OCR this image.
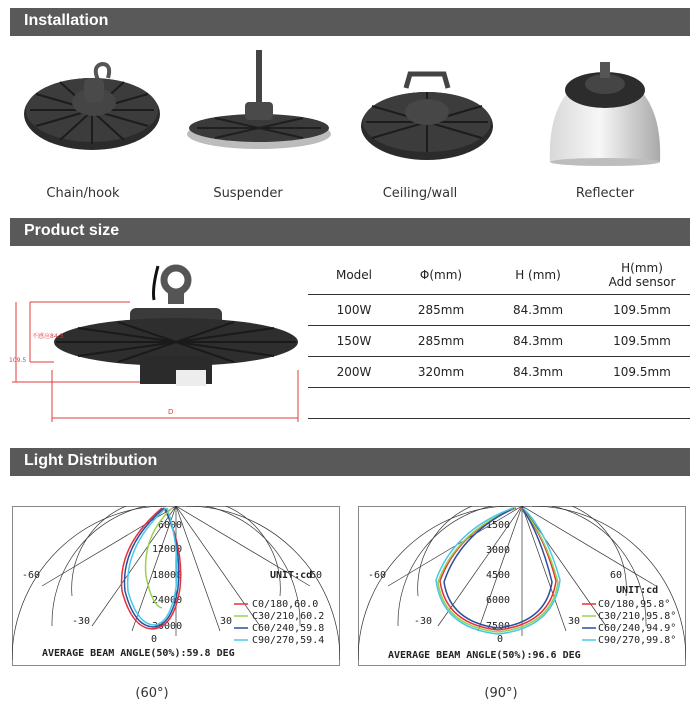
Installation
Chain/hook	Suspender	Ceiling/wall	Reflecter
Product size
不感应84.3
109.5
D
Model	Φ(mm)	H (mm)	H(mm)
Add sensor

100W	285mm	84.3mm	109.5mm
150W	285mm	84.3mm	109.5mm
200W	320mm	84.3mm	109.5mm

Light Distribution
6000
12000
18000
24000
30000
-60
-30	30
60
0
UNIT:cd
AVERAGE BEAM ANGLE(50%):59.8 DEG
C0/180,60.0
C30/210,60.2
C60/240,59.8
C90/270,59.4
1500
3000
4500
6000
7500
-60
-30	30
60
0
UNIT:cd
AVERAGE BEAM ANGLE(50%):96.6 DEG
C0/180,95.8°
C30/210,95.8°
C60/240,94.9°
C90/270,99.8°
(60°)	(90°)
